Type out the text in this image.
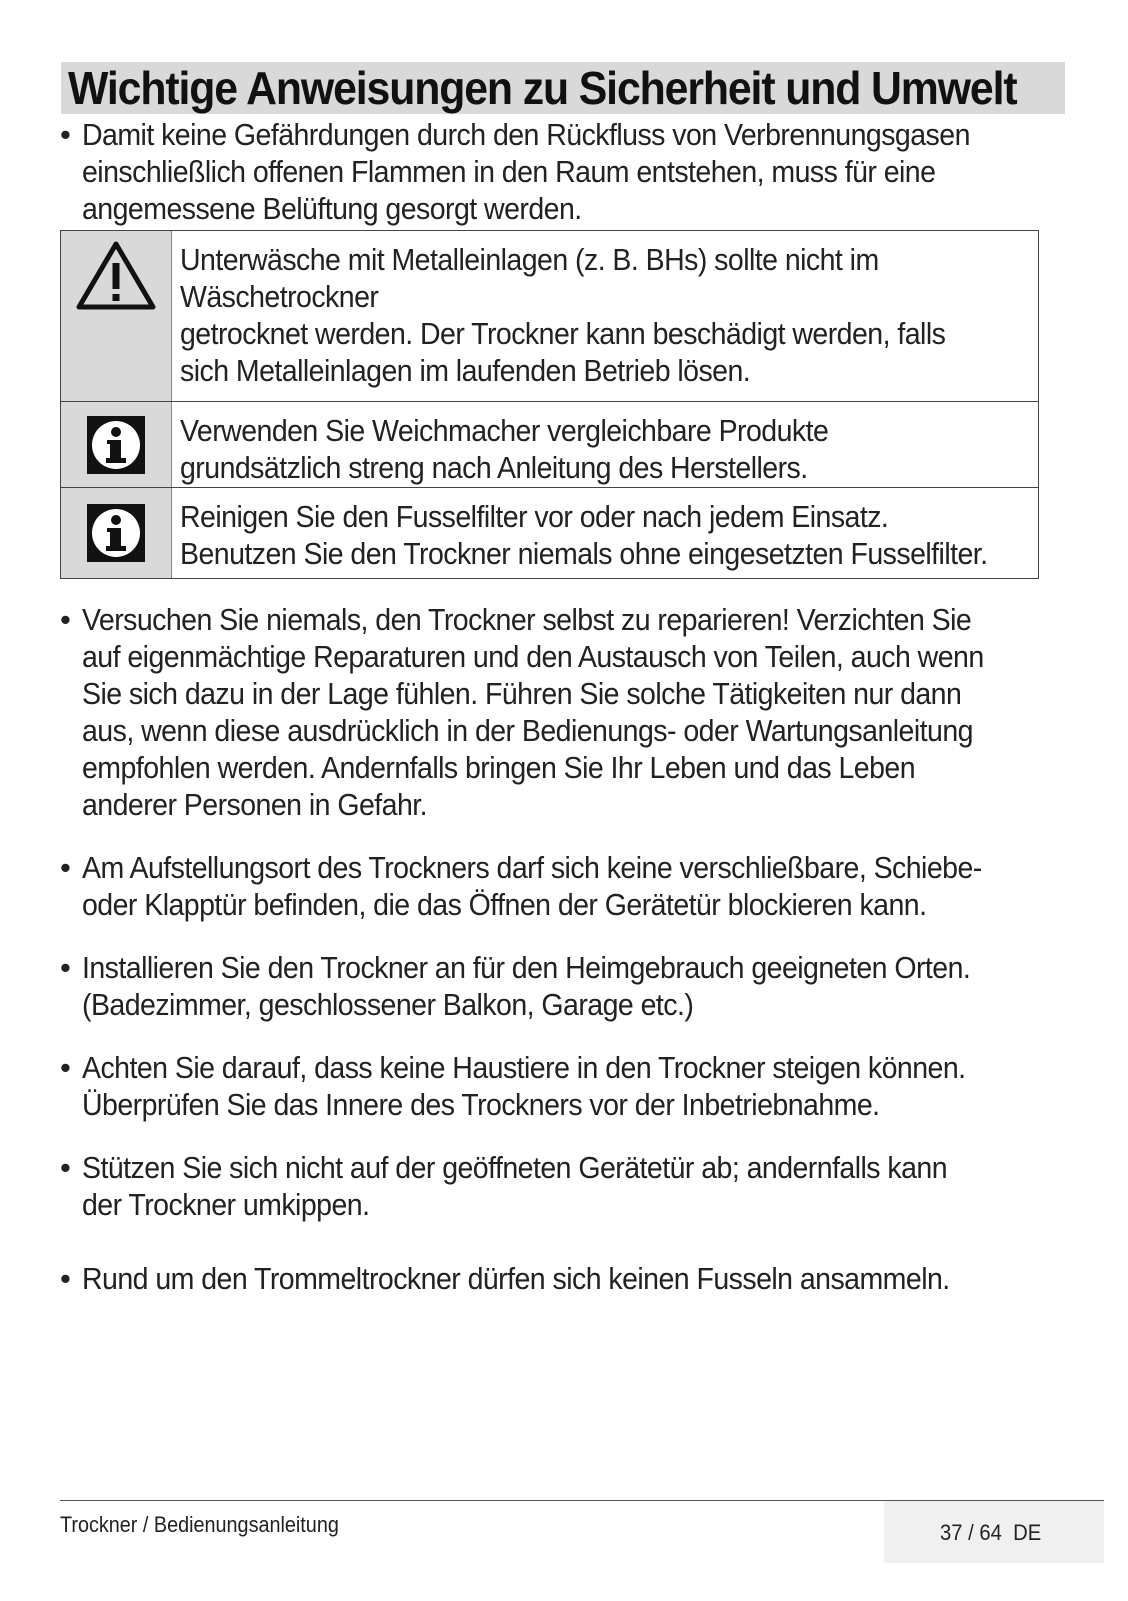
Wichtige Anweisungen zu Sicherheit und Umwelt
• Damit keine Gefährdungen durch den Rückfluss von Verbrennungsgasen
einschließlich offenen Flammen in den Raum entstehen, muss für eine
angemessene Belüftung gesorgt werden.
Unterwäsche mit Metalleinlagen (z. B. BHs) sollte nicht im
Wäschetrockner
getrocknet werden. Der Trockner kann beschädigt werden, falls
sich Metalleinlagen im laufenden Betrieb lösen.
Verwenden Sie Weichmacher vergleichbare Produkte
grundsätzlich streng nach Anleitung des Herstellers.
Reinigen Sie den Fusselfilter vor oder nach jedem Einsatz.
Benutzen Sie den Trockner niemals ohne eingesetzten Fusselfilter.
• Versuchen Sie niemals, den Trockner selbst zu reparieren! Verzichten Sie
auf eigenmächtige Reparaturen und den Austausch von Teilen, auch wenn
Sie sich dazu in der Lage fühlen. Führen Sie solche Tätigkeiten nur dann
aus, wenn diese ausdrücklich in der Bedienungs- oder Wartungsanleitung
empfohlen werden. Andernfalls bringen Sie Ihr Leben und das Leben
anderer Personen in Gefahr.
• Am Aufstellungsort des Trockners darf sich keine verschließbare, Schiebe-
oder Klapptür befinden, die das Öffnen der Gerätetür blockieren kann.
• Installieren Sie den Trockner an für den Heimgebrauch geeigneten Orten.
(Badezimmer, geschlossener Balkon, Garage etc.)
• Achten Sie darauf, dass keine Haustiere in den Trockner steigen können.
Überprüfen Sie das Innere des Trockners vor der Inbetriebnahme.
• Stützen Sie sich nicht auf der geöffneten Gerätetür ab; andernfalls kann
der Trockner umkippen.
• Rund um den Trommeltrockner dürfen sich keinen Fusseln ansammeln.
Trockner / Bedienungsanleitung	37 / 64 DE
